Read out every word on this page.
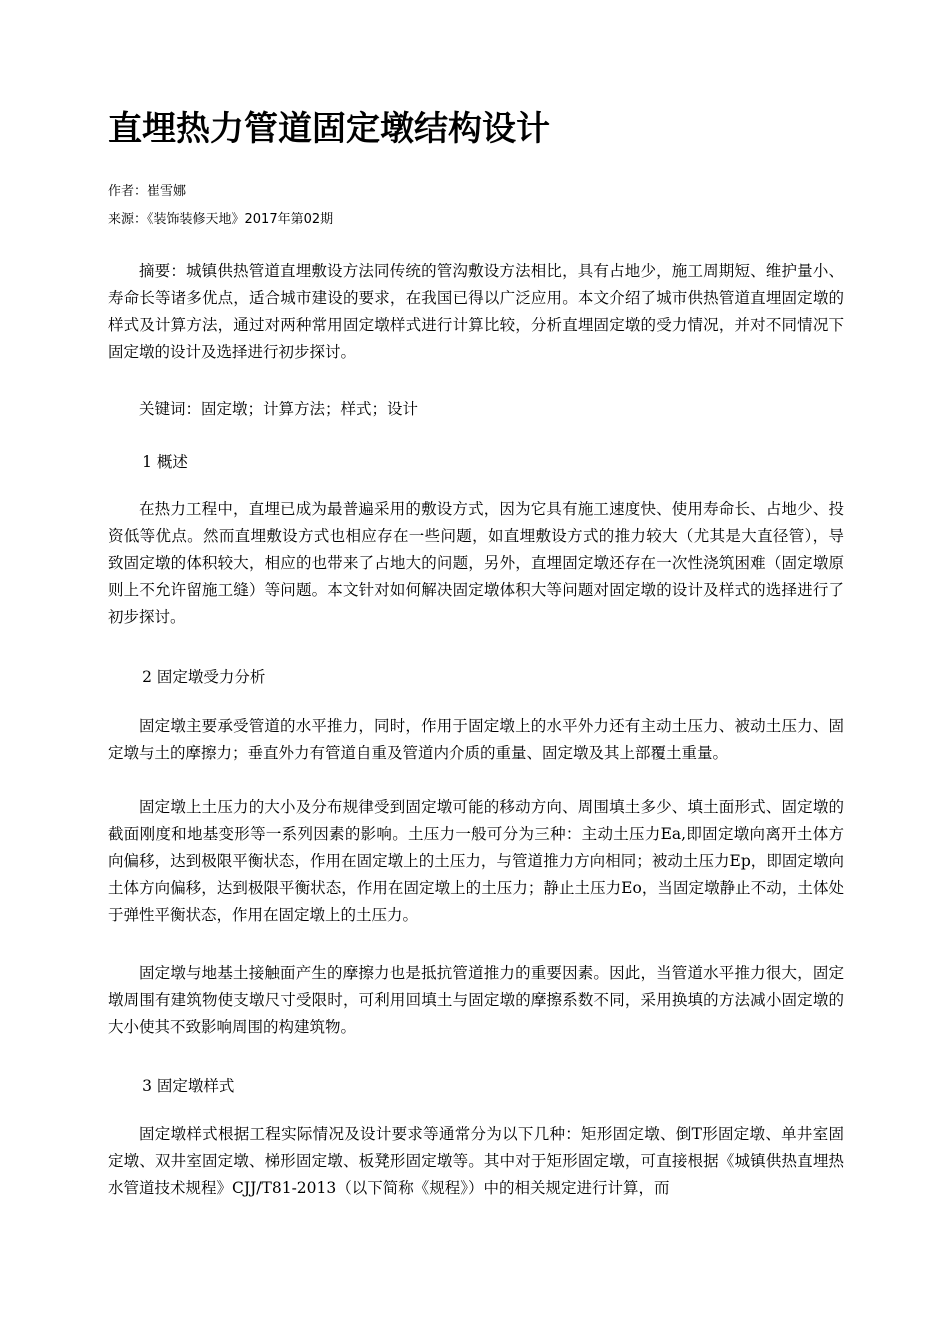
直埋热力管道固定墩结构设计
作者：崔雪娜
来源：《装饰装修天地》2017年第02期

摘要：城镇供热管道直埋敷设方法同传统的管沟敷设方法相比，具有占地少，施工周期短、维护量小、寿命长等诸多优点，适合城市建设的要求，在我国已得以广泛应用。本文介绍了城市供热管道直埋固定墩的样式及计算方法，通过对两种常用固定墩样式进行计算比较，分析直埋固定墩的受力情况，并对不同情况下固定墩的设计及选择进行初步探讨。

关键词：固定墩；计算方法；样式；设计

1 概述

在热力工程中，直埋已成为最普遍采用的敷设方式，因为它具有施工速度快、使用寿命长、占地少、投资低等优点。然而直埋敷设方式也相应存在一些问题，如直埋敷设方式的推力较大（尤其是大直径管），导致固定墩的体积较大，相应的也带来了占地大的问题，另外，直埋固定墩还存在一次性浇筑困难（固定墩原则上不允许留施工缝）等问题。本文针对如何解决固定墩体积大等问题对固定墩的设计及样式的选择进行了初步探讨。

2 固定墩受力分析

固定墩主要承受管道的水平推力，同时，作用于固定墩上的水平外力还有主动土压力、被动土压力、固定墩与土的摩擦力；垂直外力有管道自重及管道内介质的重量、固定墩及其上部覆土重量。

固定墩上土压力的大小及分布规律受到固定墩可能的移动方向、周围填土多少、填土面形式、固定墩的截面刚度和地基变形等一系列因素的影响。土压力一般可分为三种：主动土压力Ea,即固定墩向离开土体方向偏移，达到极限平衡状态，作用在固定墩上的土压力，与管道推力方向相同；被动土压力Ep，即固定墩向土体方向偏移，达到极限平衡状态，作用在固定墩上的土压力；静止土压力Eo，当固定墩静止不动，土体处于弹性平衡状态，作用在固定墩上的土压力。

固定墩与地基土接触面产生的摩擦力也是抵抗管道推力的重要因素。因此，当管道水平推力很大，固定墩周围有建筑物使支墩尺寸受限时，可利用回填土与固定墩的摩擦系数不同，采用换填的方法减小固定墩的大小使其不致影响周围的构建筑物。

3 固定墩样式

固定墩样式根据工程实际情况及设计要求等通常分为以下几种：矩形固定墩、倒T形固定墩、单井室固定墩、双井室固定墩、梯形固定墩、板凳形固定墩等。其中对于矩形固定墩，可直接根据《城镇供热直埋热水管道技术规程》CJJ/T81-2013（以下简称《规程》）中的相关规定进行计算，而
